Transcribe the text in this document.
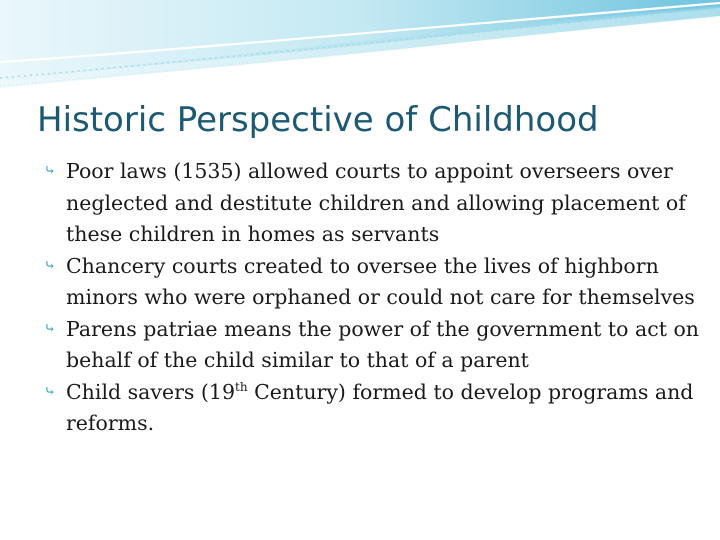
Historic Perspective of Childhood
⤷ Poor laws (1535) allowed courts to appoint overseers over neglected and destitute children and allowing placement of these children in homes as servants
⤷ Chancery courts created to oversee the lives of highborn minors who were orphaned or could not care for themselves
⤷ Parens patriae means the power of the government to act on behalf of the child similar to that of a parent
⤷ Child savers (19th Century) formed to develop programs and reforms.
